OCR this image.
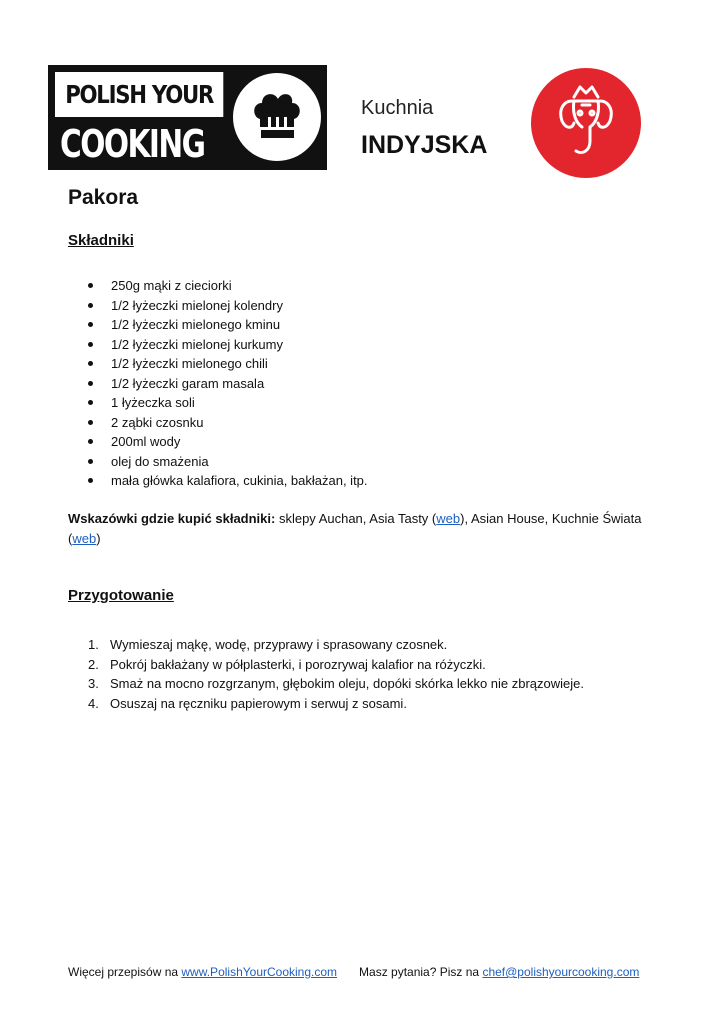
POLISH YOUR
COOKING
Kuchnia
INDYJSKA
Pakora
Składniki
250g mąki z cieciorki
1/2 łyżeczki mielonej kolendry
1/2 łyżeczki mielonego kminu
1/2 łyżeczki mielonej kurkumy
1/2 łyżeczki mielonego chili
1/2 łyżeczki garam masala
1 łyżeczka soli
2 ząbki czosnku
200ml wody
olej do smażenia
mała główka kalafiora, cukinia, bakłażan, itp.
Wskazówki gdzie kupić składniki: sklepy Auchan, Asia Tasty (web), Asian House, Kuchnie Świata (web)
Przygotowanie
1. Wymieszaj mąkę, wodę, przyprawy i sprasowany czosnek.
2. Pokrój bakłażany w półplasterki, i porozrywaj kalafior na różyczki.
3. Smaż na mocno rozgrzanym, głębokim oleju, dopóki skórka lekko nie zbrązowieje.
4. Osuszaj na ręczniku papierowym i serwuj z sosami.
Więcej przepisów na www.PolishYourCooking.com Masz pytania? Pisz na chef@polishyourcooking.com
